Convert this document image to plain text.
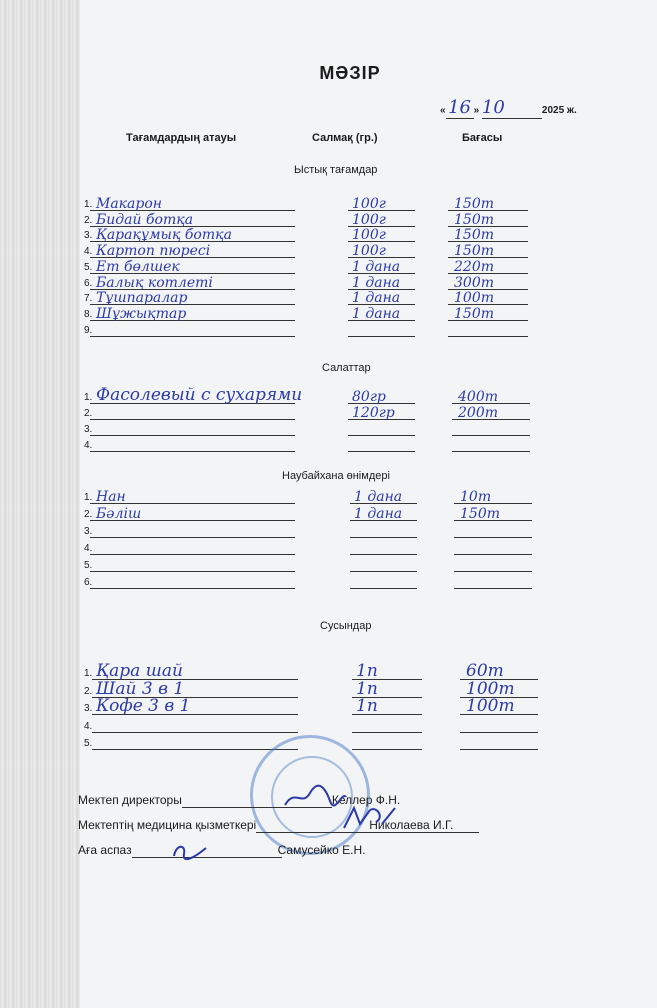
МӘЗІР
« 16 » 10	2025 ж.
Тағамдардың атауы	Салмақ (гр.)	Бағасы
Ыстық тағамдар
1. Макарон	100г	150т
2. Бидай ботқа	100г	150т
3. Қарақұмық ботқа	100г	150т
4. Картоп пюресі	100г	150т
5. Ет бөлшек	1 дана	220т
6. Балық котлеті	1 дана	300т
7. Тұшпаралар	1 дана	100т
8. Шұжықтар	1 дана	150т
9.
Салаттар
1. Фасолевый с сухарями	80гр	400т
2.	120гр	200т
3.
4.
Наубайхана өнімдері
1. Нан	1 дана	10т
2. Бәліш	1 дана	150т
3.
4.
5.
6.
Сусындар
1. Қара шай	1п	60т
2. Шай 3 в 1	1п	100т
3. Кофе 3 в 1	1п	100т
4.
5.
Мектеп директоры	Келлер Ф.Н.
Мектептің медицина қызметкері	Николаева И.Г.
Аға аспаз	Самусейко Е.Н.
